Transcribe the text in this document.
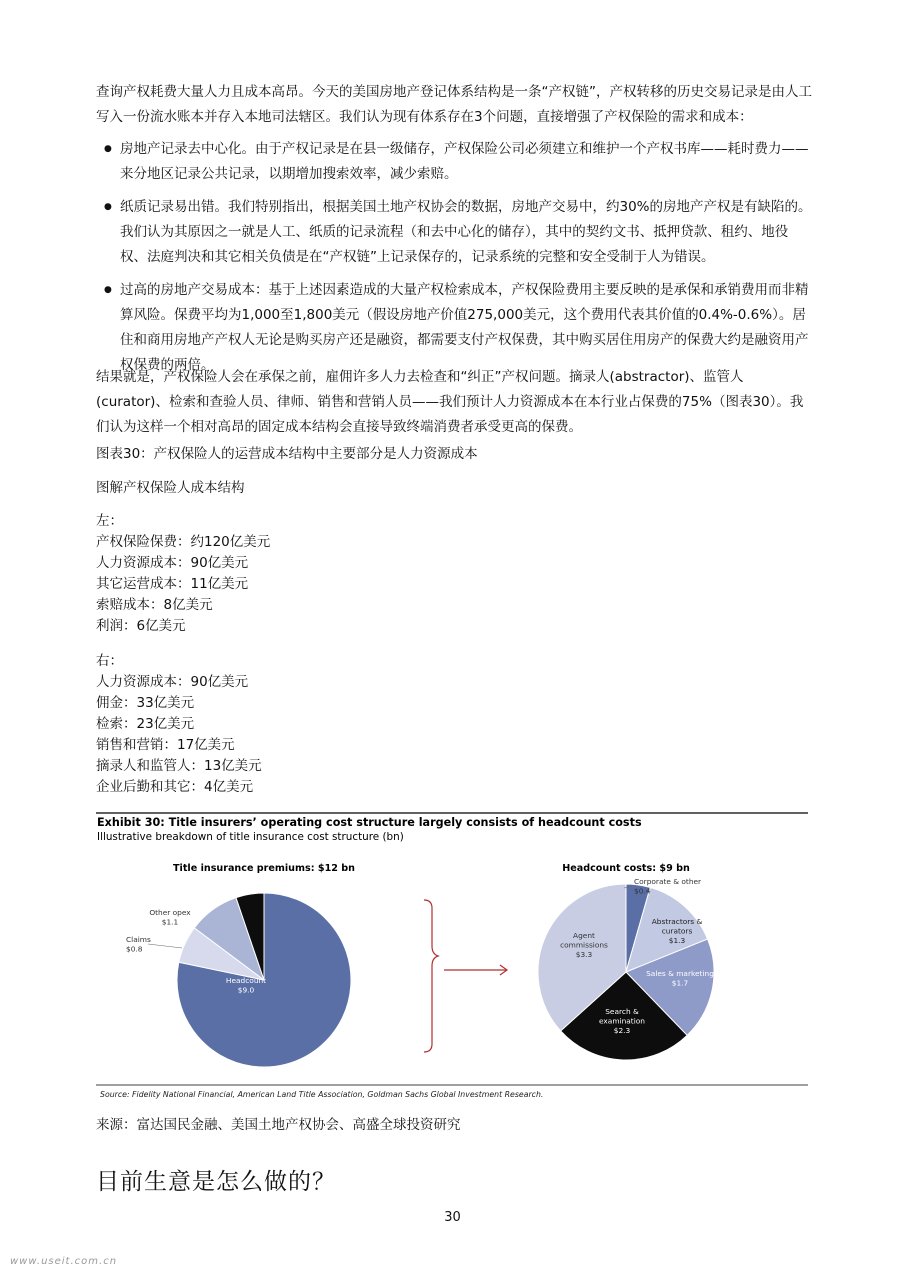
查询产权耗费大量人力且成本高昂。今天的美国房地产登记体系结构是一条“产权链”，产权转移的历史交易记录是由人工写入一份流水账本并存入本地司法辖区。我们认为现有体系存在3个问题，直接增强了产权保险的需求和成本：

● 房地产记录去中心化。由于产权记录是在县一级储存，产权保险公司必须建立和维护一个产权书库——耗时费力——来分地区记录公共记录，以期增加搜索效率，减少索赔。
● 纸质记录易出错。我们特别指出，根据美国土地产权协会的数据，房地产交易中，约30%的房地产产权是有缺陷的。我们认为其原因之一就是人工、纸质的记录流程（和去中心化的储存），其中的契约文书、抵押贷款、租约、地役权、法庭判决和其它相关负债是在“产权链”上记录保存的，记录系统的完整和安全受制于人为错误。
● 过高的房地产交易成本：基于上述因素造成的大量产权检索成本，产权保险费用主要反映的是承保和承销费用而非精算风险。保费平均为1,000至1,800美元（假设房地产价值275,000美元，这个费用代表其价值的0.4%-0.6%）。居住和商用房地产产权人无论是购买房产还是融资，都需要支付产权保费，其中购买居住用房产的保费大约是融资用产权保费的两倍。

结果就是，产权保险人会在承保之前，雇佣许多人力去检查和“纠正”产权问题。摘录人(abstractor)、监管人(curator)、检索和查验人员、律师、销售和营销人员——我们预计人力资源成本在本行业占保费的75%（图表30）。我们认为这样一个相对高昂的固定成本结构会直接导致终端消费者承受更高的保费。

图表30：产权保险人的运营成本结构中主要部分是人力资源成本
图解产权保险人成本结构
左：
产权保险保费：约120亿美元
人力资源成本：90亿美元
其它运营成本：11亿美元
索赔成本：8亿美元
利润：6亿美元
右：
人力资源成本：90亿美元
佣金：33亿美元
检索：23亿美元
销售和营销：17亿美元
摘录人和监管人：13亿美元
企业后勤和其它：4亿美元
Exhibit 30: Title insurers’ operating cost structure largely consists of headcount costs
Illustrative breakdown of title insurance cost structure (bn)
Title insurance premiums: $12 bn
Headcount $9.0
Claims $0.8
Other opex $1.1
Profit $0.6
Headcount costs: $9 bn
Corporate & other $0.4
Abstractors & curators $1.3
Sales & marketing $1.7
Search & examination $2.3
Agent commissions $3.3
Source: Fidelity National Financial, American Land Title Association, Goldman Sachs Global Investment Research.
来源：富达国民金融、美国土地产权协会、高盛全球投资研究
目前生意是怎么做的？
30
www.useit.com.cn
